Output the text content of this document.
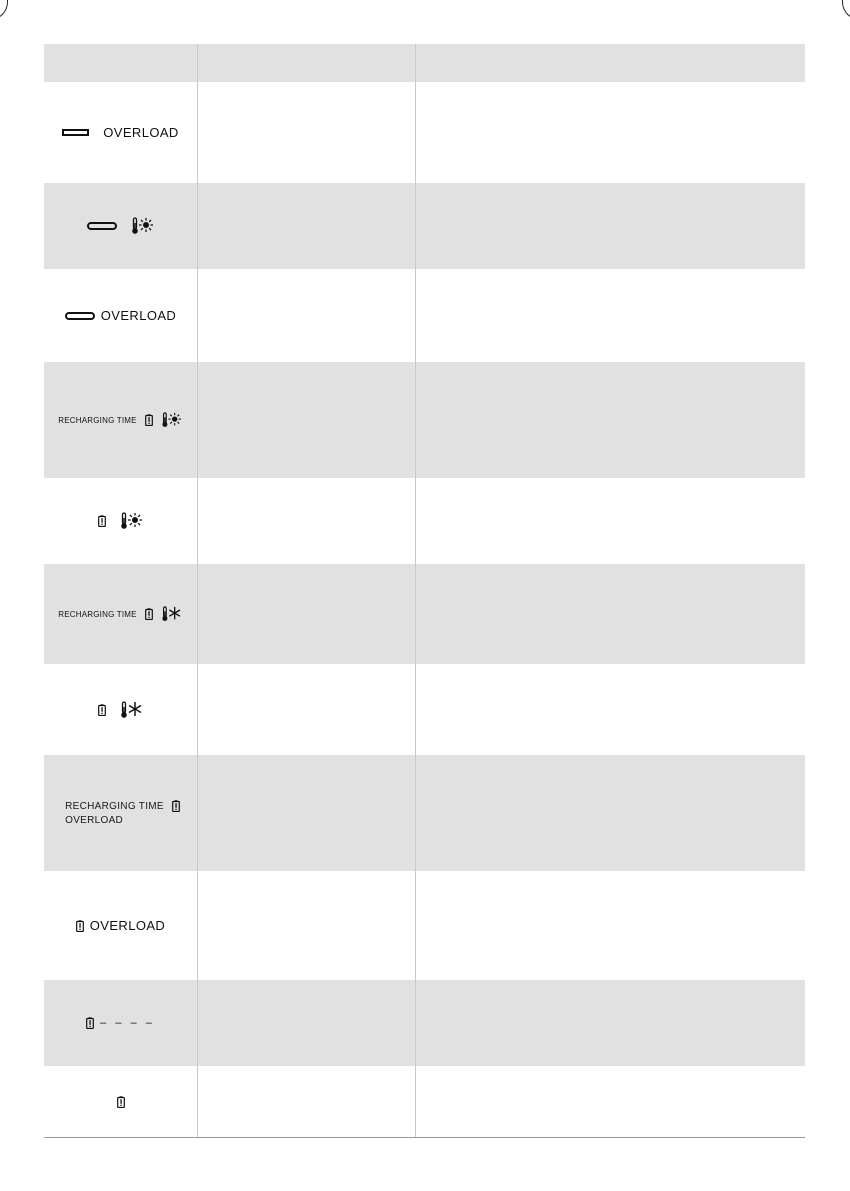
OVERLOAD
OVERLOAD
RECHARGING TIME
RECHARGING TIME
RECHARGING TIME
OVERLOAD
OVERLOAD
– – – –
